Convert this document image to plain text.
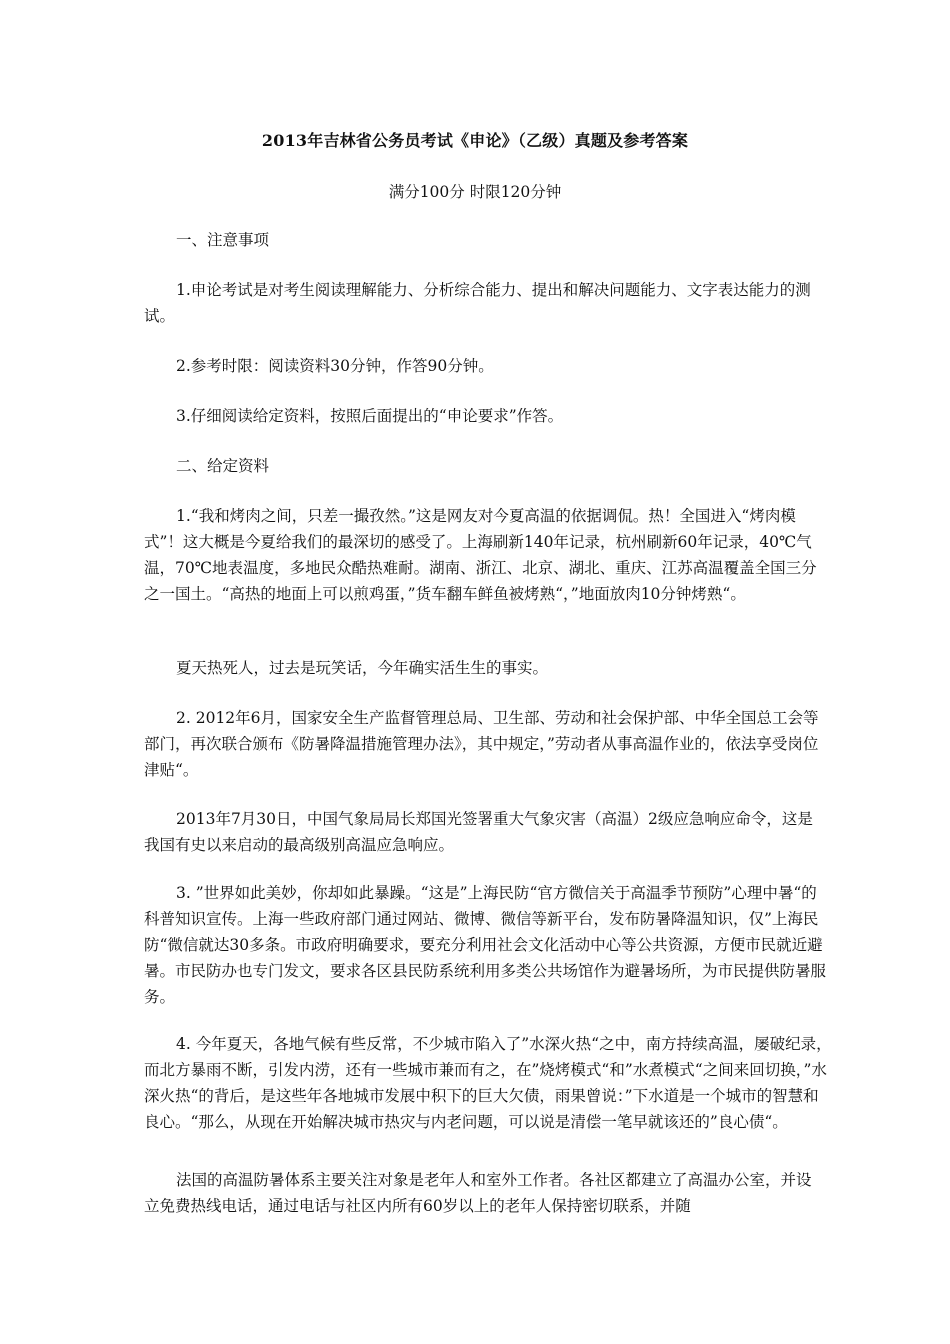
2013年吉林省公务员考试《申论》（乙级）真题及参考答案
满分100分 时限120分钟
一、注意事项
1.申论考试是对考生阅读理解能力、分析综合能力、提出和解决问题能力、文字表达能力的测试。
2.参考时限：阅读资料30分钟，作答90分钟。
3.仔细阅读给定资料，按照后面提出的“申论要求”作答。
二、给定资料
1.“我和烤肉之间，只差一撮孜然。”这是网友对今夏高温的依据调侃。热！全国进入“烤肉模式”！这大概是今夏给我们的最深切的感受了。上海刷新140年记录，杭州刷新60年记录，40℃气温，70℃地表温度，多地民众酷热难耐。湖南、浙江、北京、湖北、重庆、江苏高温覆盖全国三分之一国土。“高热的地面上可以煎鸡蛋，”货车翻车鲜鱼被烤熟“，”地面放肉10分钟烤熟“。
夏天热死人，过去是玩笑话，今年确实活生生的事实。
2. 2012年6月，国家安全生产监督管理总局、卫生部、劳动和社会保护部、中华全国总工会等部门，再次联合颁布《防暑降温措施管理办法》，其中规定，”劳动者从事高温作业的，依法享受岗位津贴“。
2013年7月30日，中国气象局局长郑国光签署重大气象灾害（高温）2级应急响应命令，这是我国有史以来启动的最高级别高温应急响应。
3. ”世界如此美妙，你却如此暴躁。“这是”上海民防“官方微信关于高温季节预防”心理中暑“的科普知识宣传。上海一些政府部门通过网站、微博、微信等新平台，发布防暑降温知识，仅”上海民防“微信就达30多条。市政府明确要求，要充分利用社会文化活动中心等公共资源，方便市民就近避暑。市民防办也专门发文，要求各区县民防系统利用多类公共场馆作为避暑场所，为市民提供防暑服务。
4. 今年夏天，各地气候有些反常，不少城市陷入了”水深火热“之中，南方持续高温，屡破纪录，而北方暴雨不断，引发内涝，还有一些城市兼而有之，在”烧烤模式“和”水煮模式“之间来回切换，”水深火热“的背后，是这些年各地城市发展中积下的巨大欠债，雨果曾说：”下水道是一个城市的智慧和良心。“那么，从现在开始解决城市热灾与内老问题，可以说是清偿一笔早就该还的”良心债“。
法国的高温防暑体系主要关注对象是老年人和室外工作者。各社区都建立了高温办公室，并设立免费热线电话，通过电话与社区内所有60岁以上的老年人保持密切联系，并随
